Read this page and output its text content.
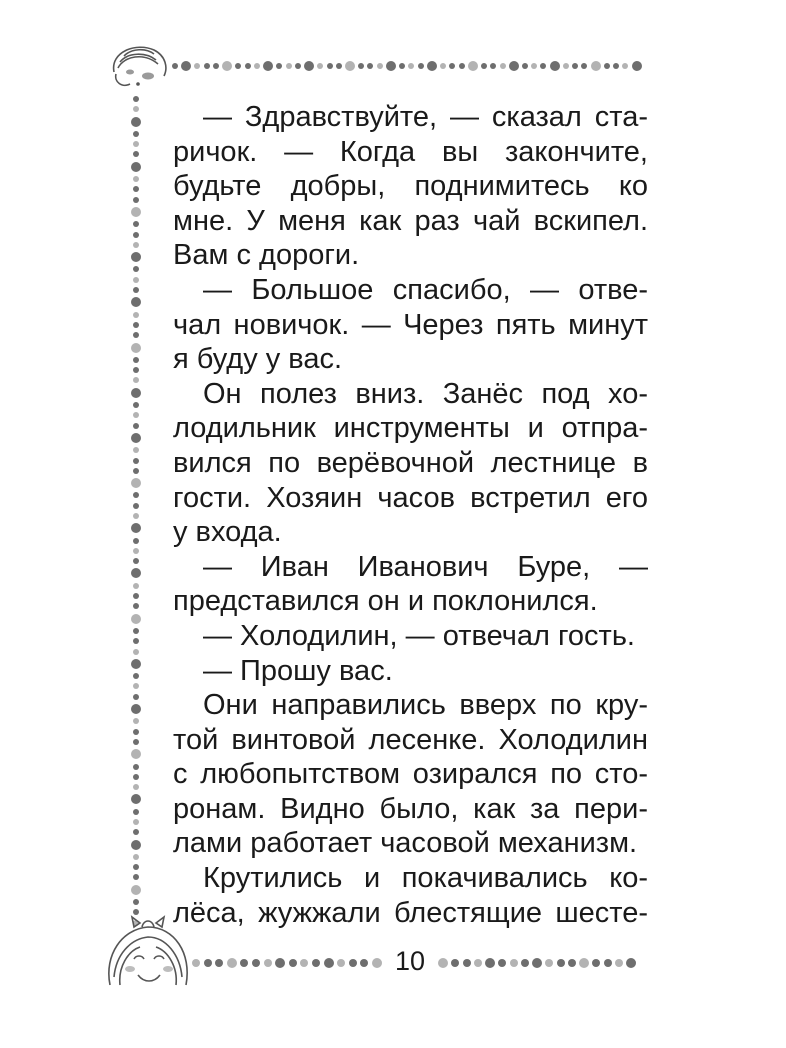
— Здравствуйте, — сказал ста-
ричок. — Когда вы закончите,
будьте добры, поднимитесь ко
мне. У меня как раз чай вскипел.
Вам с дороги.
— Большое спасибо, — отве-
чал новичок. — Через пять минут
я буду у вас.
Он полез вниз. Занёс под хо-
лодильник инструменты и отпра-
вился по верёвочной лестнице в
гости. Хозяин часов встретил его
у входа.
— Иван Иванович Буре, —
представился он и поклонился.
— Холодилин, — отвечал гость.
— Прошу вас.
Они направились вверх по кру-
той винтовой лесенке. Холодилин
с любопытством озирался по сто-
ронам. Видно было, как за пери-
лами работает часовой механизм.
Крутились и покачивались ко-
лёса, жужжали блестящие шесте-
10
